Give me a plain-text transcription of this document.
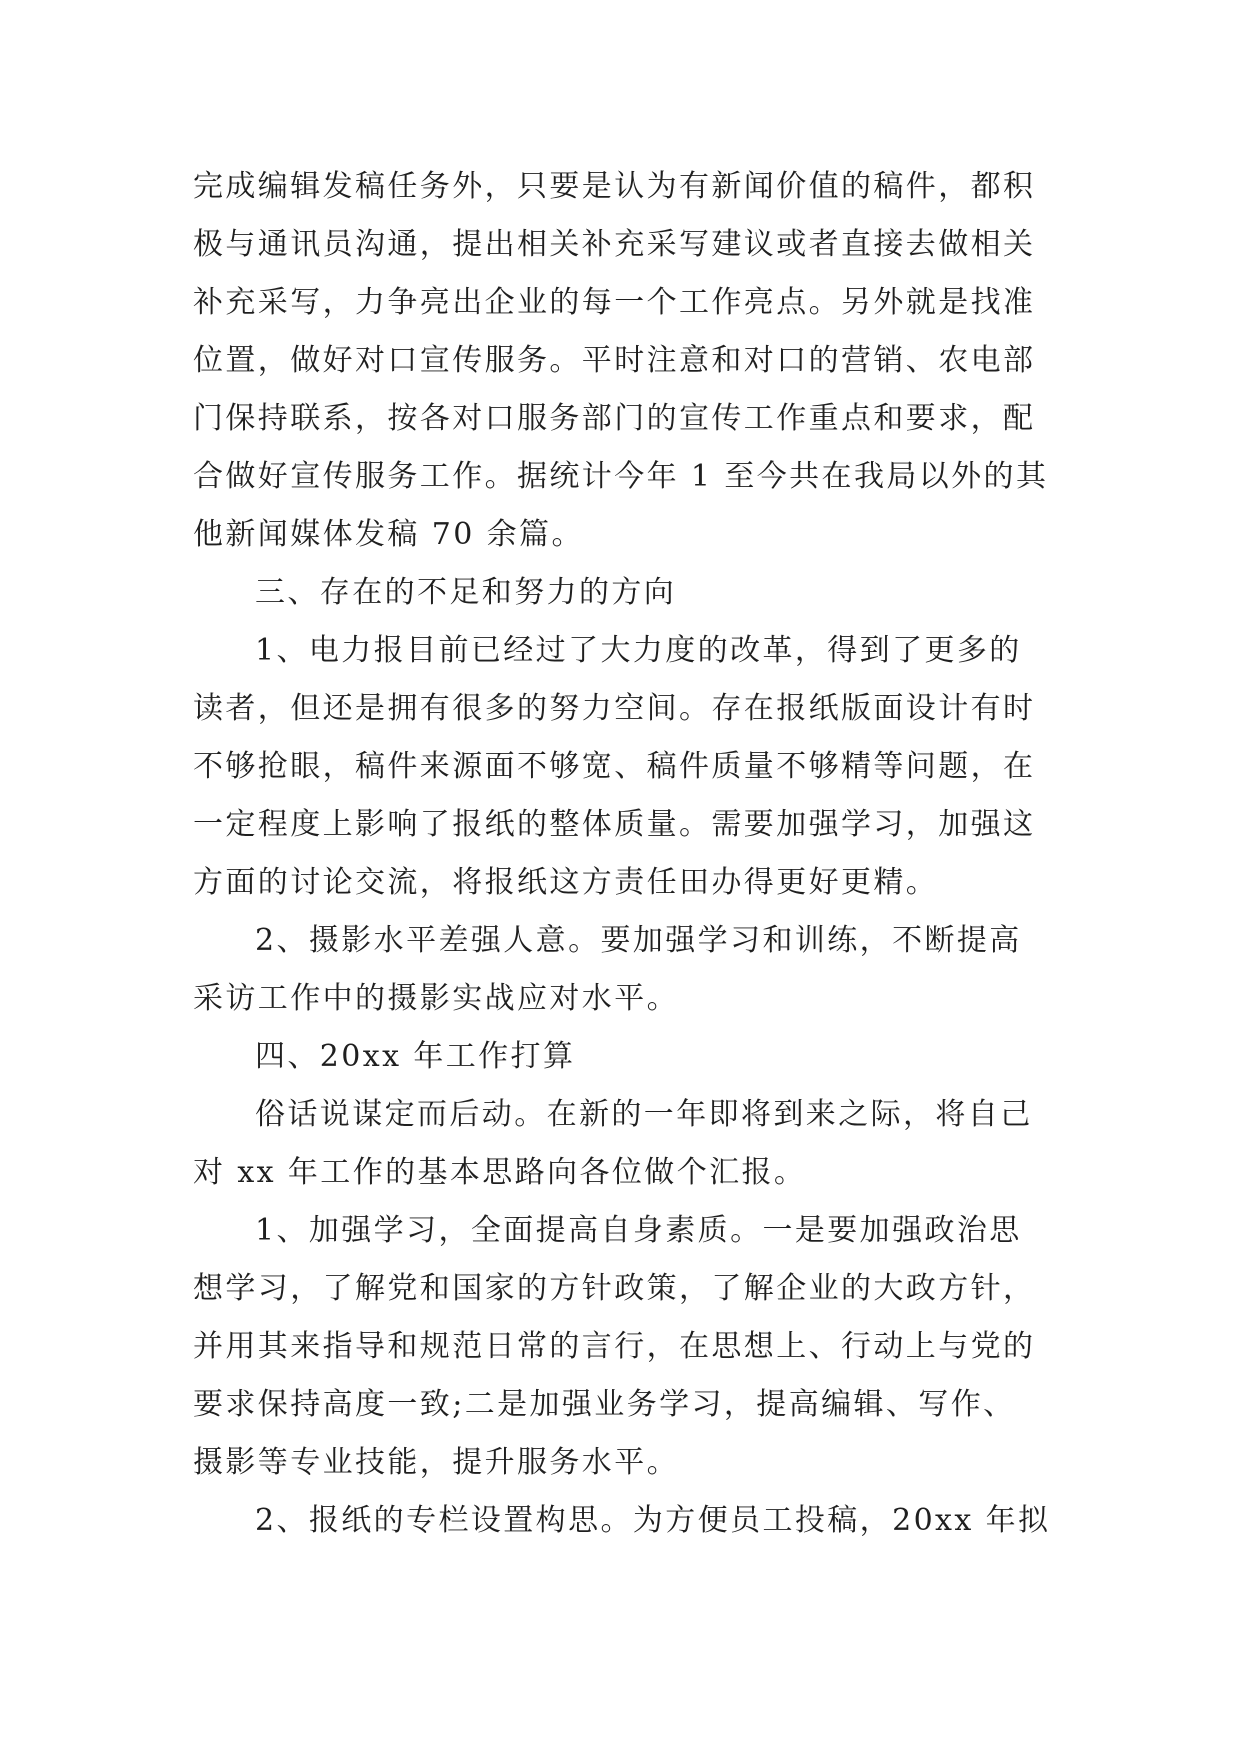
完成编辑发稿任务外，只要是认为有新闻价值的稿件，都积
极与通讯员沟通，提出相关补充采写建议或者直接去做相关
补充采写，力争亮出企业的每一个工作亮点。另外就是找准
位置，做好对口宣传服务。平时注意和对口的营销、农电部
门保持联系，按各对口服务部门的宣传工作重点和要求，配
合做好宣传服务工作。据统计今年 1 至今共在我局以外的其
他新闻媒体发稿 70 余篇。
三、存在的不足和努力的方向
1、电力报目前已经过了大力度的改革，得到了更多的
读者，但还是拥有很多的努力空间。存在报纸版面设计有时
不够抢眼，稿件来源面不够宽、稿件质量不够精等问题，在
一定程度上影响了报纸的整体质量。需要加强学习，加强这
方面的讨论交流，将报纸这方责任田办得更好更精。
2、摄影水平差强人意。要加强学习和训练，不断提高
采访工作中的摄影实战应对水平。
四、20xx 年工作打算
俗话说谋定而后动。在新的一年即将到来之际，将自己
对 xx 年工作的基本思路向各位做个汇报。
1、加强学习，全面提高自身素质。一是要加强政治思
想学习，了解党和国家的方针政策，了解企业的大政方针，
并用其来指导和规范日常的言行，在思想上、行动上与党的
要求保持高度一致;二是加强业务学习，提高编辑、写作、
摄影等专业技能，提升服务水平。
2、报纸的专栏设置构思。为方便员工投稿，20xx 年拟
